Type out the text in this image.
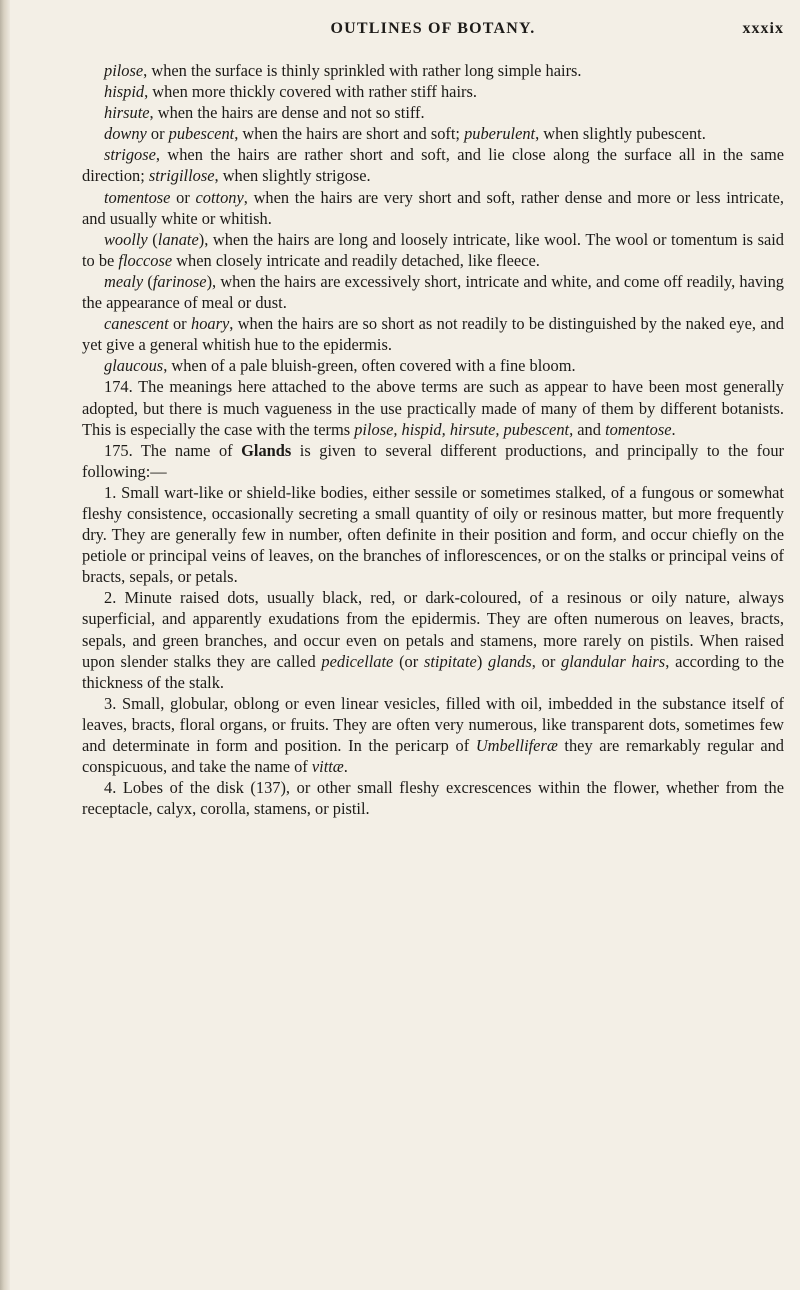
OUTLINES OF BOTANY.	xxxix

pilose, when the surface is thinly sprinkled with rather long simple hairs.

hispid, when more thickly covered with rather stiff hairs.

hirsute, when the hairs are dense and not so stiff.

downy or pubescent, when the hairs are short and soft; puberulent, when slightly pubescent.

strigose, when the hairs are rather short and soft, and lie close along the surface all in the same direction; strigillose, when slightly strigose.

tomentose or cottony, when the hairs are very short and soft, rather dense and more or less intricate, and usually white or whitish.

woolly (lanate), when the hairs are long and loosely intricate, like wool. The wool or tomentum is said to be floccose when closely intricate and readily detached, like fleece.

mealy (farinose), when the hairs are excessively short, intricate and white, and come off readily, having the appearance of meal or dust.

canescent or hoary, when the hairs are so short as not readily to be distinguished by the naked eye, and yet give a general whitish hue to the epidermis.

glaucous, when of a pale bluish-green, often covered with a fine bloom.

174. The meanings here attached to the above terms are such as appear to have been most generally adopted, but there is much vagueness in the use practically made of many of them by different botanists. This is especially the case with the terms pilose, hispid, hirsute, pubescent, and tomentose.

175. The name of Glands is given to several different productions, and principally to the four following:—

1. Small wart-like or shield-like bodies, either sessile or sometimes stalked, of a fungous or somewhat fleshy consistence, occasionally secreting a small quantity of oily or resinous matter, but more frequently dry. They are generally few in number, often definite in their position and form, and occur chiefly on the petiole or principal veins of leaves, on the branches of inflorescences, or on the stalks or principal veins of bracts, sepals, or petals.

2. Minute raised dots, usually black, red, or dark-coloured, of a resinous or oily nature, always superficial, and apparently exudations from the epidermis. They are often numerous on leaves, bracts, sepals, and green branches, and occur even on petals and stamens, more rarely on pistils. When raised upon slender stalks they are called pedicellate (or stipitate) glands, or glandular hairs, according to the thickness of the stalk.

3. Small, globular, oblong or even linear vesicles, filled with oil, imbedded in the substance itself of leaves, bracts, floral organs, or fruits. They are often very numerous, like transparent dots, sometimes few and determinate in form and position. In the pericarp of Umbelliferæ they are remarkably regular and conspicuous, and take the name of vittæ.

4. Lobes of the disk (137), or other small fleshy excrescences within the flower, whether from the receptacle, calyx, corolla, stamens, or pistil.
